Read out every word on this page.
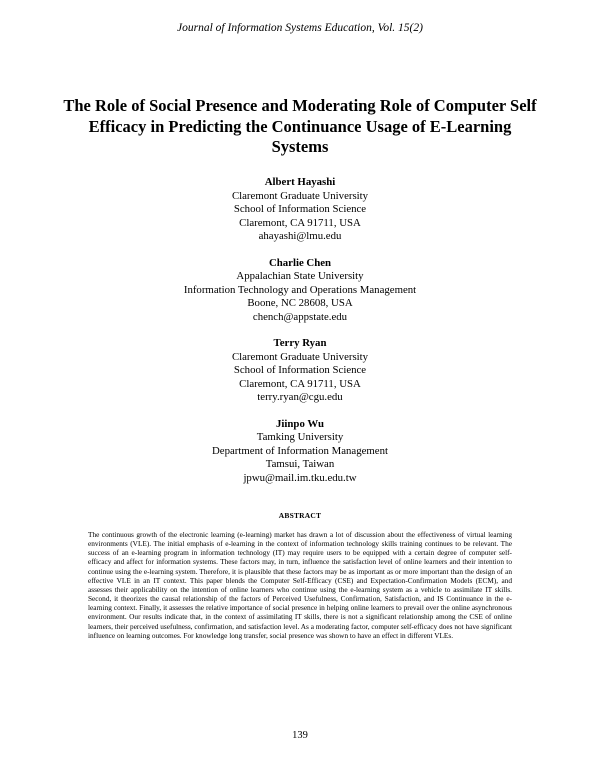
Journal of Information Systems Education, Vol. 15(2)
The Role of Social Presence and Moderating Role of Computer Self Efficacy in Predicting the Continuance Usage of E-Learning Systems
Albert Hayashi
Claremont Graduate University
School of Information Science
Claremont, CA 91711, USA
ahayashi@lmu.edu
Charlie Chen
Appalachian State University
Information Technology and Operations Management
Boone, NC 28608, USA
chench@appstate.edu
Terry Ryan
Claremont Graduate University
School of Information Science
Claremont, CA 91711, USA
terry.ryan@cgu.edu
Jiinpo Wu
Tamking University
Department of Information Management
Tamsui, Taiwan
jpwu@mail.im.tku.edu.tw
ABSTRACT
The continuous growth of the electronic learning (e-learning) market has drawn a lot of discussion about the effectiveness of virtual learning environments (VLE). The initial emphasis of e-learning in the context of information technology skills training continues to be relevant. The success of an e-learning program in information technology (IT) may require users to be equipped with a certain degree of computer self-efficacy and affect for information systems. These factors may, in turn, influence the satisfaction level of online learners and their intention to continue using the e-learning system. Therefore, it is plausible that these factors may be as important as or more important than the design of an effective VLE in an IT context. This paper blends the Computer Self-Efficacy (CSE) and Expectation-Confirmation Models (ECM), and assesses their applicability on the intention of online learners who continue using the e-learning system as a vehicle to assimilate IT skills. Second, it theorizes the causal relationship of the factors of Perceived Usefulness, Confirmation, Satisfaction, and IS Continuance in the e-learning context. Finally, it assesses the relative importance of social presence in helping online learners to prevail over the online asynchronous environment. Our results indicate that, in the context of assimilating IT skills, there is not a significant relationship among the CSE of online learners, their perceived usefulness, confirmation, and satisfaction level. As a moderating factor, computer self-efficacy does not have significant influence on learning outcomes. For knowledge long transfer, social presence was shown to have an effect in different VLEs.
139
